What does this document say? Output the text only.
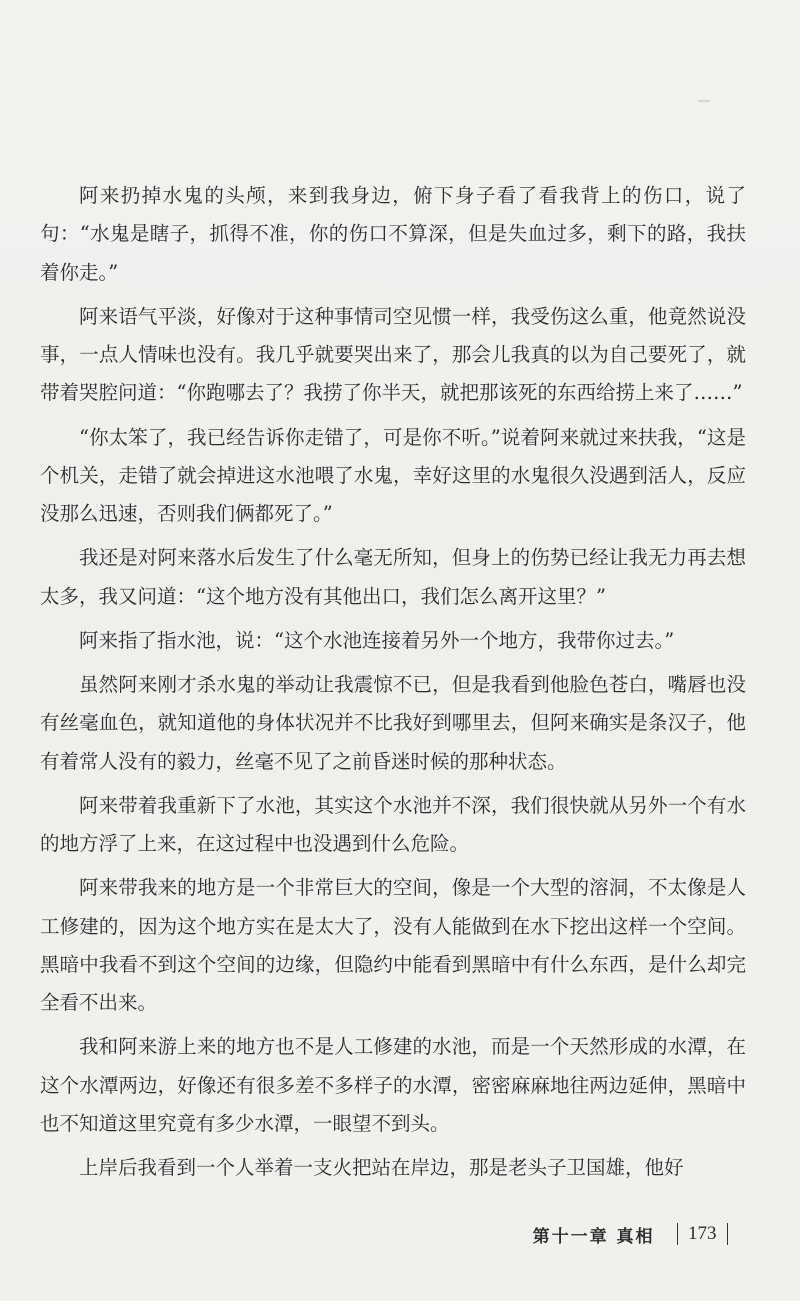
阿来扔掉水鬼的头颅，来到我身边，俯下身子看了看我背上的伤口，说了句：“水鬼是瞎子，抓得不准，你的伤口不算深，但是失血过多，剩下的路，我扶着你走。”

阿来语气平淡，好像对于这种事情司空见惯一样，我受伤这么重，他竟然说没事，一点人情味也没有。我几乎就要哭出来了，那会儿我真的以为自己要死了，就带着哭腔问道：“你跑哪去了？我捞了你半天，就把那该死的东西给捞上来了……”

“你太笨了，我已经告诉你走错了，可是你不听。”说着阿来就过来扶我，“这是个机关，走错了就会掉进这水池喂了水鬼，幸好这里的水鬼很久没遇到活人，反应没那么迅速，否则我们俩都死了。”

我还是对阿来落水后发生了什么毫无所知，但身上的伤势已经让我无力再去想太多，我又问道：“这个地方没有其他出口，我们怎么离开这里？”

阿来指了指水池，说：“这个水池连接着另外一个地方，我带你过去。”

虽然阿来刚才杀水鬼的举动让我震惊不已，但是我看到他脸色苍白，嘴唇也没有丝毫血色，就知道他的身体状况并不比我好到哪里去，但阿来确实是条汉子，他有着常人没有的毅力，丝毫不见了之前昏迷时候的那种状态。

阿来带着我重新下了水池，其实这个水池并不深，我们很快就从另外一个有水的地方浮了上来，在这过程中也没遇到什么危险。

阿来带我来的地方是一个非常巨大的空间，像是一个大型的溶洞，不太像是人工修建的，因为这个地方实在是太大了，没有人能做到在水下挖出这样一个空间。黑暗中我看不到这个空间的边缘，但隐约中能看到黑暗中有什么东西，是什么却完全看不出来。

我和阿来游上来的地方也不是人工修建的水池，而是一个天然形成的水潭，在这个水潭两边，好像还有很多差不多样子的水潭，密密麻麻地往两边延伸，黑暗中也不知道这里究竟有多少水潭，一眼望不到头。

上岸后我看到一个人举着一支火把站在岸边，那是老头子卫国雄，他好

第十一章 真相 173
